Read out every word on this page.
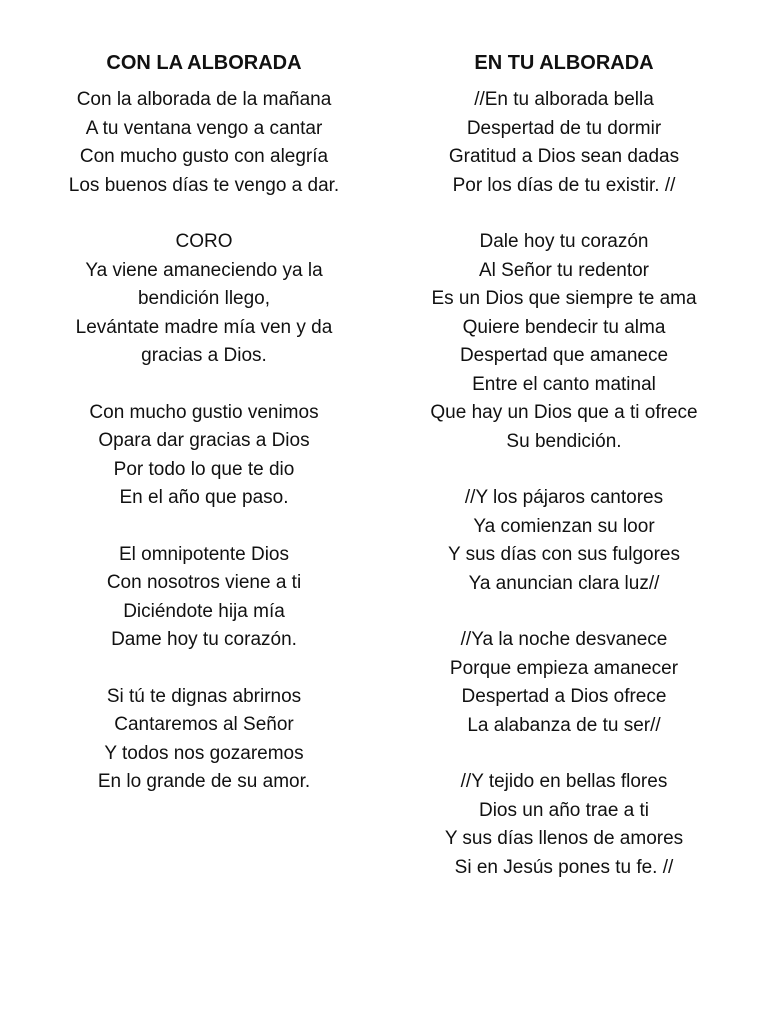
CON LA ALBORADA
Con la alborada de la mañana
A tu ventana vengo a cantar
Con mucho gusto con alegría
Los buenos días te vengo a dar.
CORO
Ya viene amaneciendo ya la
bendición llego,
Levántate madre mía ven y da
gracias a Dios.
Con mucho gustio venimos
Opara dar gracias a Dios
Por todo lo que te dio
En el año que paso.
El omnipotente Dios
Con nosotros viene a ti
Diciéndote hija mía
Dame hoy tu corazón.
Si tú te dignas abrirnos
Cantaremos al Señor
Y todos nos gozaremos
En lo grande de su amor.
EN TU ALBORADA
//En tu alborada bella
Despertad de tu dormir
Gratitud a Dios sean dadas
Por los días de tu existir. //
Dale hoy tu corazón
Al Señor tu redentor
Es un Dios que siempre te ama
Quiere bendecir tu alma
Despertad que amanece
Entre el canto matinal
Que hay un Dios que a ti ofrece
Su bendición.
//Y los pájaros cantores
Ya comienzan su loor
Y sus días con sus fulgores
Ya anuncian clara luz//
//Ya la noche desvanece
Porque empieza amanecer
Despertad a Dios ofrece
La alabanza de tu ser//
//Y tejido en bellas flores
Dios un año trae a ti
Y sus días llenos de amores
Si en Jesús pones tu fe. //
